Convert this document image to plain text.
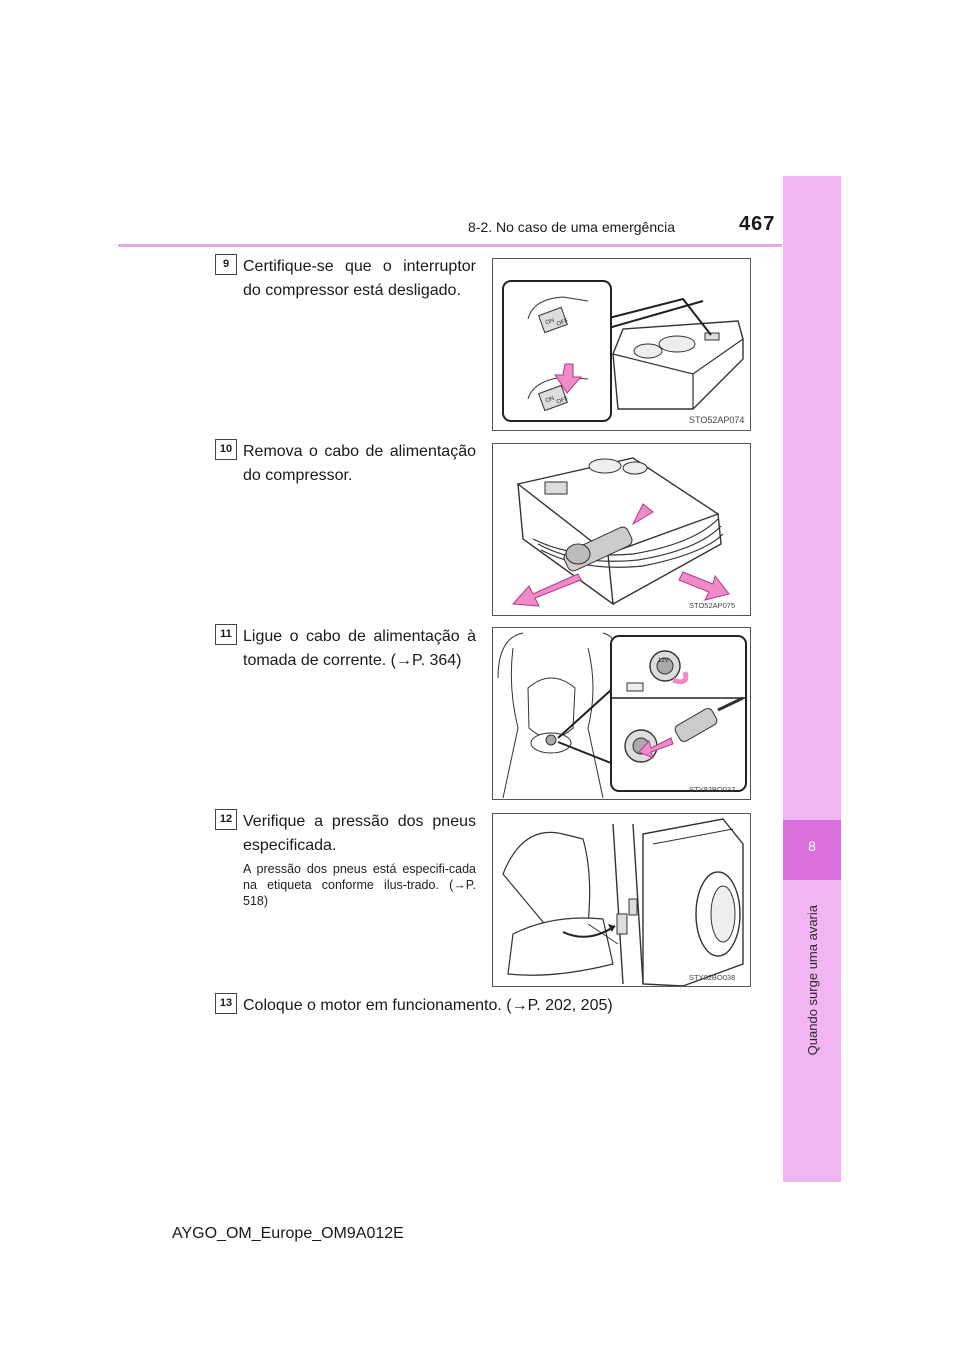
8-2. No caso de uma emergência	467
8
Quando surge uma avaria
9 Certifique-se que o interruptor do compressor está desligado.
ON OFF
ON OFF
STO52AP074
10 Remova o cabo de alimentação do compressor.
STO52AP075
11 Ligue o cabo de alimentação à tomada de corrente. (→P. 364)	12V
STY82BO037
12 Verifique a pressão dos pneus especificada.
A pressão dos pneus está especifi-cada na etiqueta conforme ilus-trado. (→P. 518)
STY82BO038
13 Coloque o motor em funcionamento. (→P. 202, 205)
AYGO_OM_Europe_OM9A012E
